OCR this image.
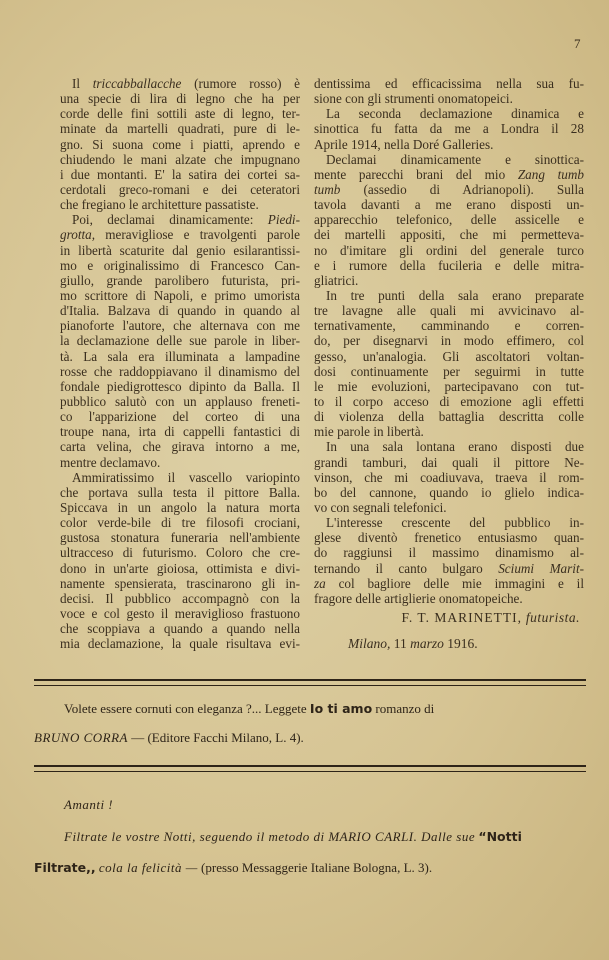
7
Il triccabballacche (rumore rosso) è
una specie di lira di legno che ha per
corde delle fini sottili aste di legno, ter-
minate da martelli quadrati, pure di le-
gno. Si suona come i piatti, aprendo e
chiudendo le mani alzate che impugnano
i due montanti. E' la satira dei cortei sa-
cerdotali greco-romani e dei ceteratori
che fregiano le architetture passatiste.
Poi, declamai dinamicamente: Piedi-
grotta, meravigliose e travolgenti parole
in libertà scaturite dal genio esilarantissi-
mo e originalissimo di Francesco Can-
giullo, grande parolibero futurista, pri-
mo scrittore di Napoli, e primo umorista
d'Italia. Balzava di quando in quando al
pianoforte l'autore, che alternava con me
la declamazione delle sue parole in liber-
tà. La sala era illuminata a lampadine
rosse che raddoppiavano il dinamismo del
fondale piedigrottesco dipinto da Balla. Il
pubblico salutò con un applauso freneti-
co l'apparizione del corteo di una
troupe nana, irta di cappelli fantastici di
carta velina, che girava intorno a me,
mentre declamavo.
Ammiratissimo il vascello variopinto
che portava sulla testa il pittore Balla.
Spiccava in un angolo la natura morta
color verde-bile di tre filosofi crociani,
gustosa stonatura funeraria nell'ambiente
ultracceso di futurismo. Coloro che cre-
dono in un'arte gioiosa, ottimista e divi-
namente spensierata, trascinarono gli in-
decisi. Il pubblico accompagnò con la
voce e col gesto il meraviglioso frastuono
che scoppiava a quando a quando nella
mia declamazione, la quale risultava evi-
dentissima ed efficacissima nella sua fu-
sione con gli strumenti onomatopeici.
La seconda declamazione dinamica e
sinottica fu fatta da me a Londra il 28
Aprile 1914, nella Doré Galleries.
Declamai dinamicamente e sinottica-
mente parecchi brani del mio Zang tumb
tumb (assedio di Adrianopoli). Sulla
tavola davanti a me erano disposti un-
apparecchio telefonico, delle assicelle e
dei martelli appositi, che mi permetteva-
no d'imitare gli ordini del generale turco
e i rumore della fucileria e delle mitra-
gliatrici.
In tre punti della sala erano preparate
tre lavagne alle quali mi avvicinavo al-
ternativamente, camminando e corren-
do, per disegnarvi in modo effimero, col
gesso, un'analogia. Gli ascoltatori voltan-
dosi continuamente per seguirmi in tutte
le mie evoluzioni, partecipavano con tut-
to il corpo acceso di emozione agli effetti
di violenza della battaglia descritta colle
mie parole in libertà.
In una sala lontana erano disposti due
grandi tamburi, dai quali il pittore Ne-
vinson, che mi coadiuvava, traeva il rom-
bo del cannone, quando io glielo indica-
vo con segnali telefonici.
L'interesse crescente del pubblico in-
glese diventò frenetico entusiasmo quan-
do raggiunsi il massimo dinamismo al-
ternando il canto bulgaro Sciumi Marit-
za col bagliore delle mie immagini e il
fragore delle artiglierie onomatopeiche.
F. T. MARINETTI, futurista.
Milano, 11 marzo 1916.
Volete essere cornuti con eleganza ?... Leggete Io ti amo romanzo di
BRUNO CORRA — (Editore Facchi Milano, L. 4).
Amanti !
Filtrate le vostre Notti, seguendo il metodo di MARIO CARLI. Dalle sue “Notti
Filtrate,, cola la felicità — (presso Messaggerie Italiane Bologna, L. 3).
